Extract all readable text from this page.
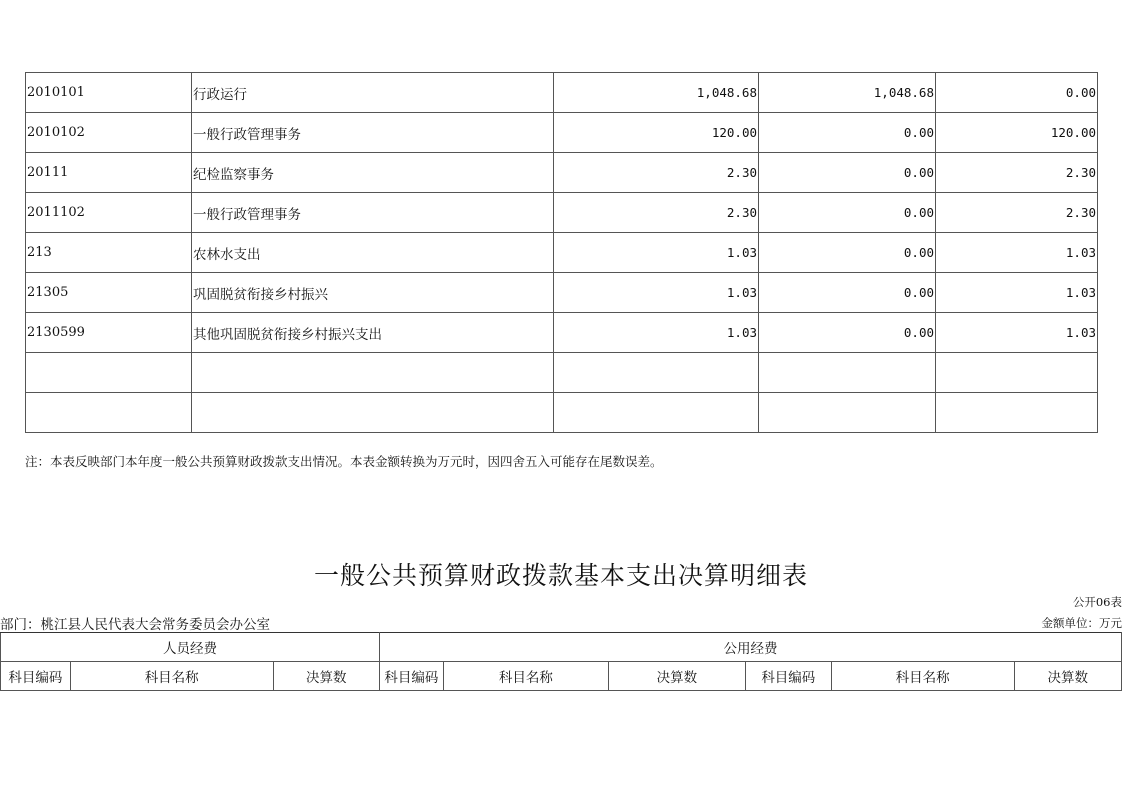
2010101	行政运行	1,048.68	1,048.68	0.00
2010102	一般行政管理事务	120.00	0.00	120.00
20111	纪检监察事务	2.30	0.00	2.30
2011102	一般行政管理事务	2.30	0.00	2.30
213	农林水支出	1.03	0.00	1.03
21305	巩固脱贫衔接乡村振兴	1.03	0.00	1.03
2130599	其他巩固脱贫衔接乡村振兴支出	1.03	0.00	1.03

注：本表反映部门本年度一般公共预算财政拨款支出情况。本表金额转换为万元时，因四舍五入可能存在尾数误差。
一般公共预算财政拨款基本支出决算明细表
公开06表
部门：桃江县人民代表大会常务委员会办公室	金额单位：万元
人员经费			公用经费					
科目编码	科目名称	决算数	科目编码	科目名称	决算数	科目编码	科目名称	决算数
